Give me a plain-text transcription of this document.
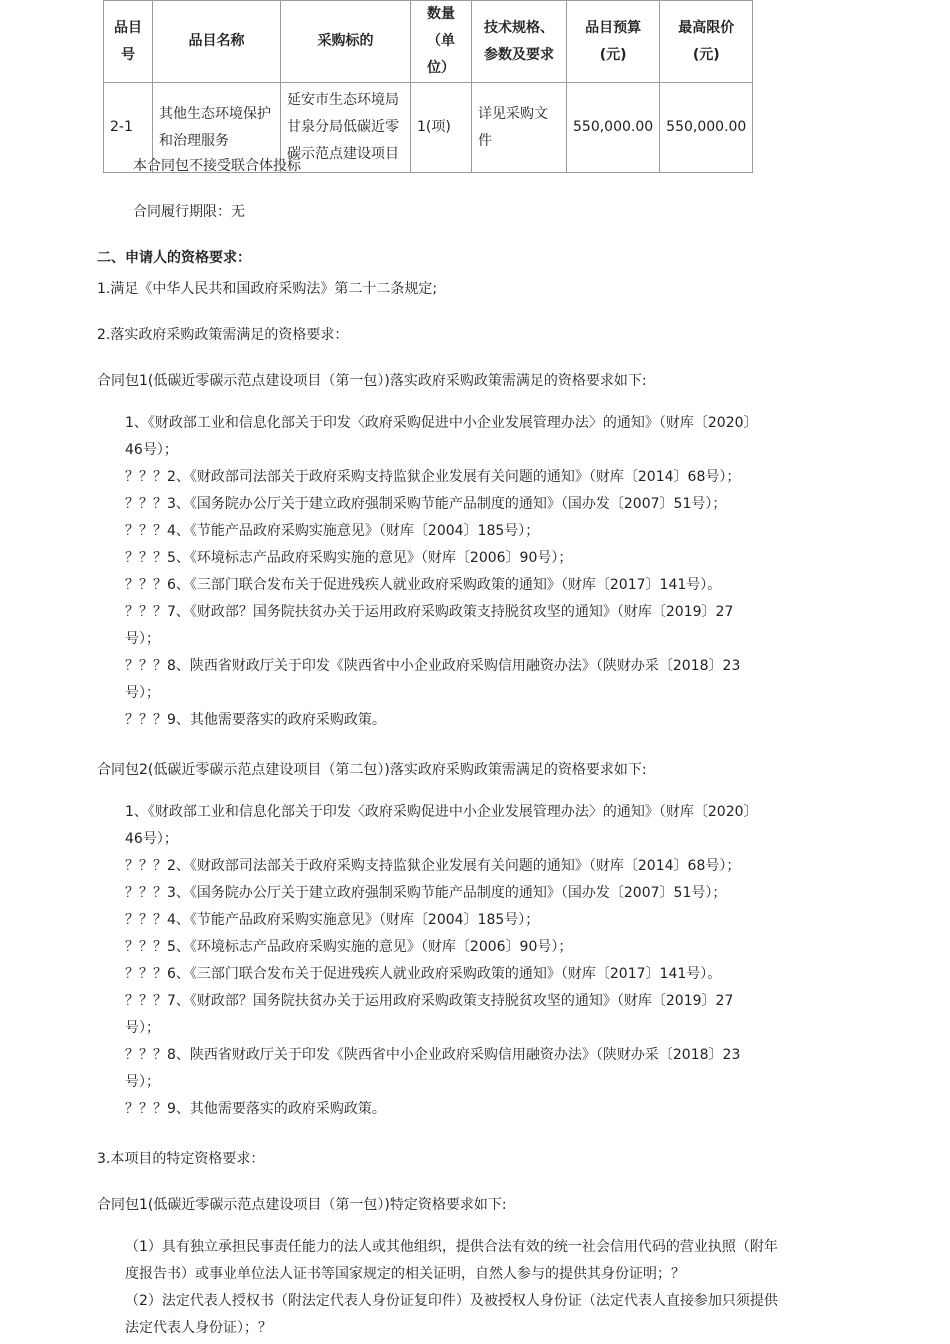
品目号	品目名称	采购标的	数量（单位）	技术规格、参数及要求	品目预算(元)	最高限价(元)
2-1	其他生态环境保护和治理服务	延安市生态环境局甘泉分局低碳近零碳示范点建设项目	1(项)	详见采购文件	550,000.00	550,000.00
本合同包不接受联合体投标
合同履行期限：无
二、申请人的资格要求：
1.满足《中华人民共和国政府采购法》第二十二条规定;
2.落实政府采购政策需满足的资格要求：
合同包1(低碳近零碳示范点建设项目（第一包）)落实政府采购政策需满足的资格要求如下:
1、《财政部工业和信息化部关于印发〈政府采购促进中小企业发展管理办法〉的通知》（财库〔2020〕
46号）；
？？？2、《财政部司法部关于政府采购支持监狱企业发展有关问题的通知》（财库〔2014〕68号）；
？？？3、《国务院办公厅关于建立政府强制采购节能产品制度的通知》（国办发〔2007〕51号）；
？？？4、《节能产品政府采购实施意见》（财库〔2004〕185号）；
？？？5、《环境标志产品政府采购实施的意见》（财库〔2006〕90号）；
？？？6、《三部门联合发布关于促进残疾人就业政府采购政策的通知》（财库〔2017〕141号）。
？？？7、《财政部？国务院扶贫办关于运用政府采购政策支持脱贫攻坚的通知》（财库〔2019〕27
号）；
？？？8、陕西省财政厅关于印发《陕西省中小企业政府采购信用融资办法》（陕财办采〔2018〕23
号）；
？？？9、其他需要落实的政府采购政策。
合同包2(低碳近零碳示范点建设项目（第二包）)落实政府采购政策需满足的资格要求如下:
1、《财政部工业和信息化部关于印发〈政府采购促进中小企业发展管理办法〉的通知》（财库〔2020〕
46号）；
？？？2、《财政部司法部关于政府采购支持监狱企业发展有关问题的通知》（财库〔2014〕68号）；
？？？3、《国务院办公厅关于建立政府强制采购节能产品制度的通知》（国办发〔2007〕51号）；
？？？4、《节能产品政府采购实施意见》（财库〔2004〕185号）；
？？？5、《环境标志产品政府采购实施的意见》（财库〔2006〕90号）；
？？？6、《三部门联合发布关于促进残疾人就业政府采购政策的通知》（财库〔2017〕141号）。
？？？7、《财政部？国务院扶贫办关于运用政府采购政策支持脱贫攻坚的通知》（财库〔2019〕27
号）；
？？？8、陕西省财政厅关于印发《陕西省中小企业政府采购信用融资办法》（陕财办采〔2018〕23
号）；
？？？9、其他需要落实的政府采购政策。
3.本项目的特定资格要求：
合同包1(低碳近零碳示范点建设项目（第一包）)特定资格要求如下:
（1）具有独立承担民事责任能力的法人或其他组织，提供合法有效的统一社会信用代码的营业执照（附年
度报告书）或事业单位法人证书等国家规定的相关证明，自然人参与的提供其身份证明；？
（2）法定代表人授权书（附法定代表人身份证复印件）及被授权人身份证（法定代表人直接参加只须提供
法定代表人身份证）；？
